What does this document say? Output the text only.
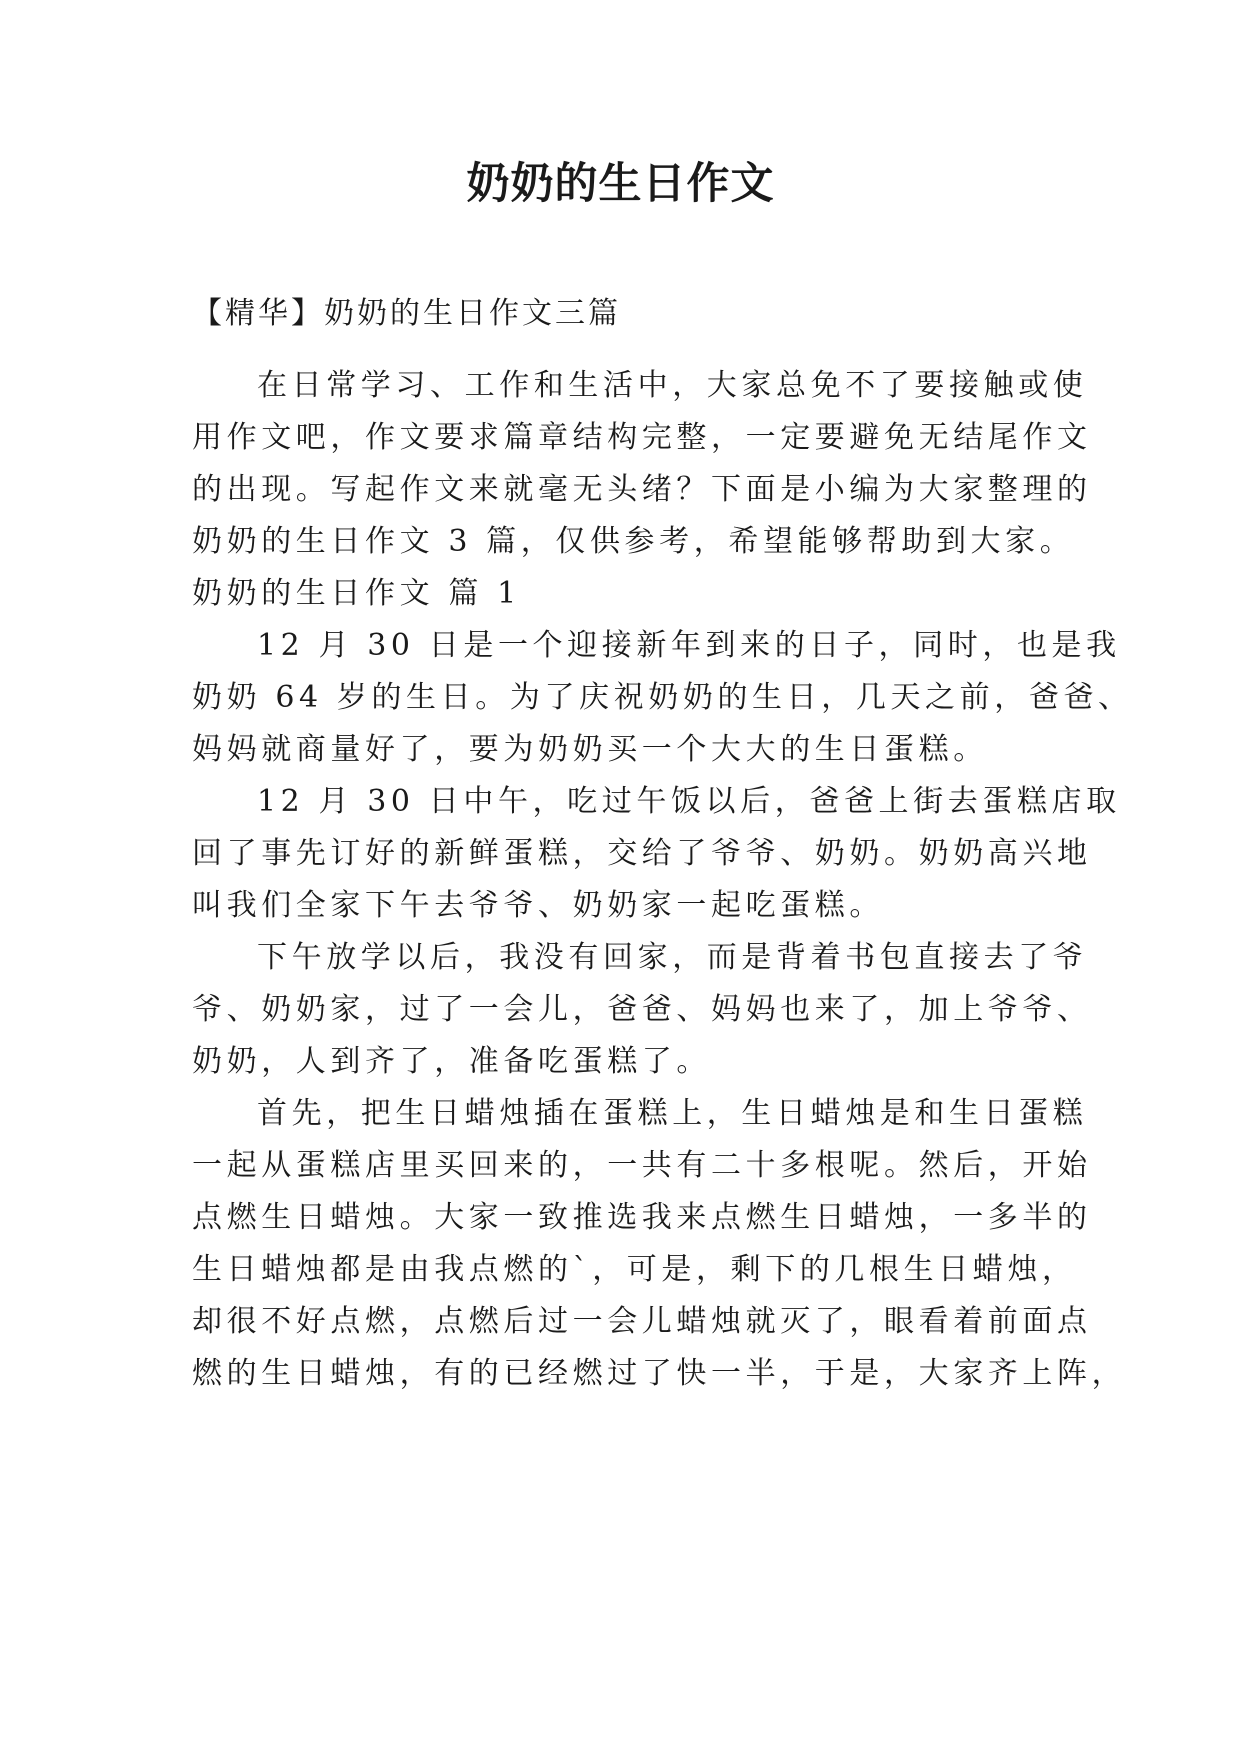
奶奶的生日作文
【精华】奶奶的生日作文三篇
在日常学习、工作和生活中，大家总免不了要接触或使
用作文吧，作文要求篇章结构完整，一定要避免无结尾作文
的出现。写起作文来就毫无头绪？下面是小编为大家整理的
奶奶的生日作文 3 篇，仅供参考，希望能够帮助到大家。
奶奶的生日作文 篇 1
12 月 30 日是一个迎接新年到来的日子，同时，也是我
奶奶 64 岁的生日。为了庆祝奶奶的生日，几天之前，爸爸、
妈妈就商量好了，要为奶奶买一个大大的生日蛋糕。
12 月 30 日中午，吃过午饭以后，爸爸上街去蛋糕店取
回了事先订好的新鲜蛋糕，交给了爷爷、奶奶。奶奶高兴地
叫我们全家下午去爷爷、奶奶家一起吃蛋糕。
下午放学以后，我没有回家，而是背着书包直接去了爷
爷、奶奶家，过了一会儿，爸爸、妈妈也来了，加上爷爷、
奶奶，人到齐了，准备吃蛋糕了。
首先，把生日蜡烛插在蛋糕上，生日蜡烛是和生日蛋糕
一起从蛋糕店里买回来的，一共有二十多根呢。然后，开始
点燃生日蜡烛。大家一致推选我来点燃生日蜡烛，一多半的
生日蜡烛都是由我点燃的`，可是，剩下的几根生日蜡烛，
却很不好点燃，点燃后过一会儿蜡烛就灭了，眼看着前面点
燃的生日蜡烛，有的已经燃过了快一半，于是，大家齐上阵，
